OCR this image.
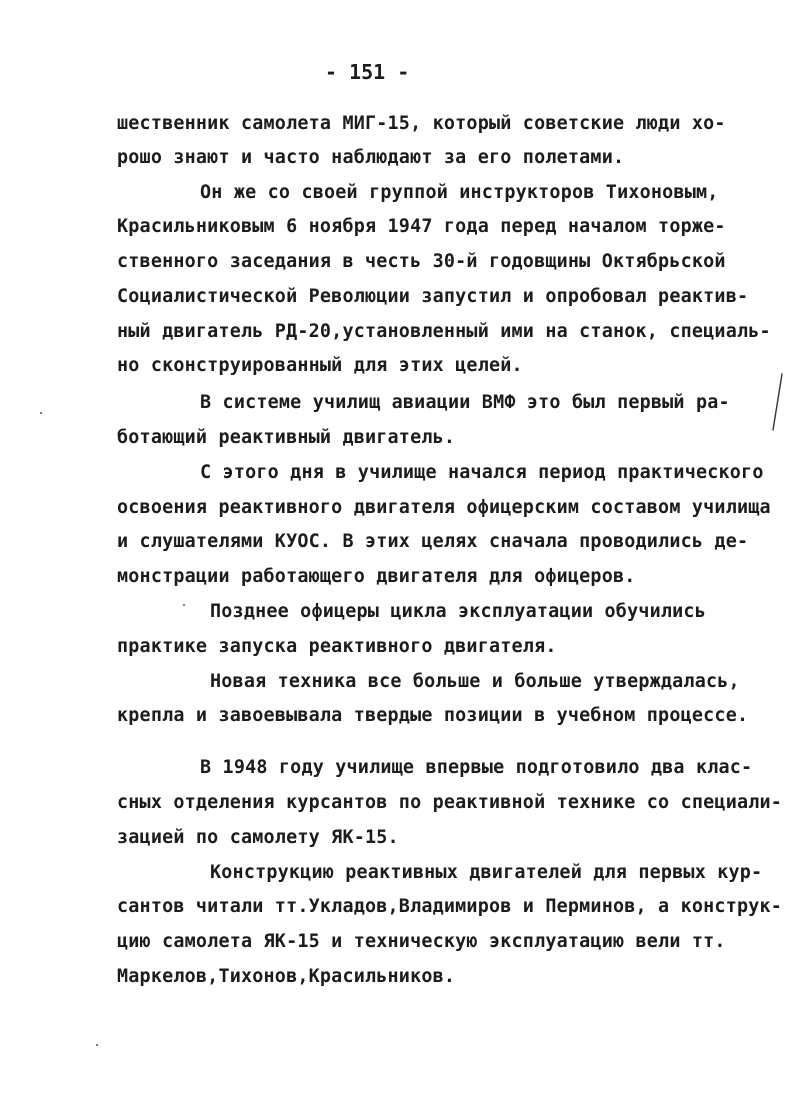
- 151 -
шественник самолета МИГ-15, который советские люди хо-
рошо знают и часто наблюдают за его полетами.
Он же со своей группой инструкторов Тихоновым,
Красильниковым 6 ноября 1947 года перед началом торже-
ственного заседания в честь 30-й годовщины Октябрьской
Социалистической Революции запустил и опробовал реактив-
ный двигатель РД-20,установленный ими на станок, специаль-
но сконструированный для этих целей.
В системе училищ авиации ВМФ это был первый ра-
ботающий реактивный двигатель.
С этого дня в училище начался период практического
освоения реактивного двигателя офицерским составом училища
и слушателями КУОС. В этих целях сначала проводились де-
монстрации работающего двигателя для офицеров.
Позднее офицеры цикла эксплуатации обучились
практике запуска реактивного двигателя.
Новая техника все больше и больше утверждалась,
крепла и завоевывала твердые позиции в учебном процессе.
В 1948 году училище впервые подготовило два клас-
сных отделения курсантов по реактивной технике со специали-
зацией по самолету ЯК-15.
Конструкцию реактивных двигателей для первых кур-
сантов читали тт.Укладов,Владимиров и Перминов, а конструк-
цию самолета ЯК-15 и техническую эксплуатацию вели тт.
Маркелов,Тихонов,Красильников.
